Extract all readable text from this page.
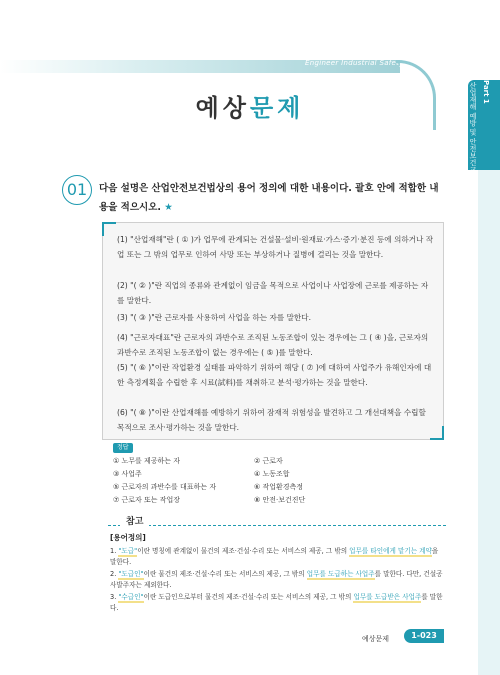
Engineer Industrial Safety
Part 1
산업재해 예방 및 안전보건교육
예상문제
01	다음 설명은 산업안전보건법상의 용어 정의에 대한 내용이다. 괄호 안에 적합한 내용을 적으시오. ★
(1) "산업재해"란 ( ① )가 업무에 관계되는 건설물·설비·원재료·가스·증기·분진 등에 의하거나 작업 또는 그 밖의 업무로 인하여 사망 또는 부상하거나 질병에 걸리는 것을 말한다.
(2) "( ② )"란 직업의 종류와 관계없이 임금을 목적으로 사업이나 사업장에 근로를 제공하는 자를 말한다.
(3) "( ③ )"란 근로자를 사용하여 사업을 하는 자를 말한다.
(4) "근로자대표"란 근로자의 과반수로 조직된 노동조합이 있는 경우에는 그 ( ④ )을, 근로자의 과반수로 조직된 노동조합이 없는 경우에는 ( ⑤ )를 말한다.
(5) "( ⑥ )"이란 작업환경 실태를 파악하기 위하여 해당 ( ⑦ )에 대하여 사업주가 유해인자에 대한 측정계획을 수립한 후 시료(試料)를 채취하고 분석·평가하는 것을 말한다.
(6) "( ⑧ )"이란 산업재해를 예방하기 위하여 잠재적 위험성을 발견하고 그 개선대책을 수립할 목적으로 조사·평가하는 것을 말한다.
정답
① 노무를 제공하는 자	② 근로자
③ 사업주	④ 노동조합
⑤ 근로자의 과반수를 대표하는 자	⑥ 작업환경측정
⑦ 근로자 또는 작업장	⑧ 안전·보건진단
참고
[용어정의]
1. "도급"이란 명칭에 관계없이 물건의 제조·건설·수리 또는 서비스의 제공, 그 밖의 업무를 타인에게 맡기는 계약을 말한다.
2. "도급인"이란 물건의 제조·건설·수리 또는 서비스의 제공, 그 밖의 업무를 도급하는 사업주를 말한다. 다만, 건설공사발주자는 제외한다.
3. "수급인"이란 도급인으로부터 물건의 제조·건설·수리 또는 서비스의 제공, 그 밖의 업무를 도급받은 사업주를 말한다.
예상문제	1-023
